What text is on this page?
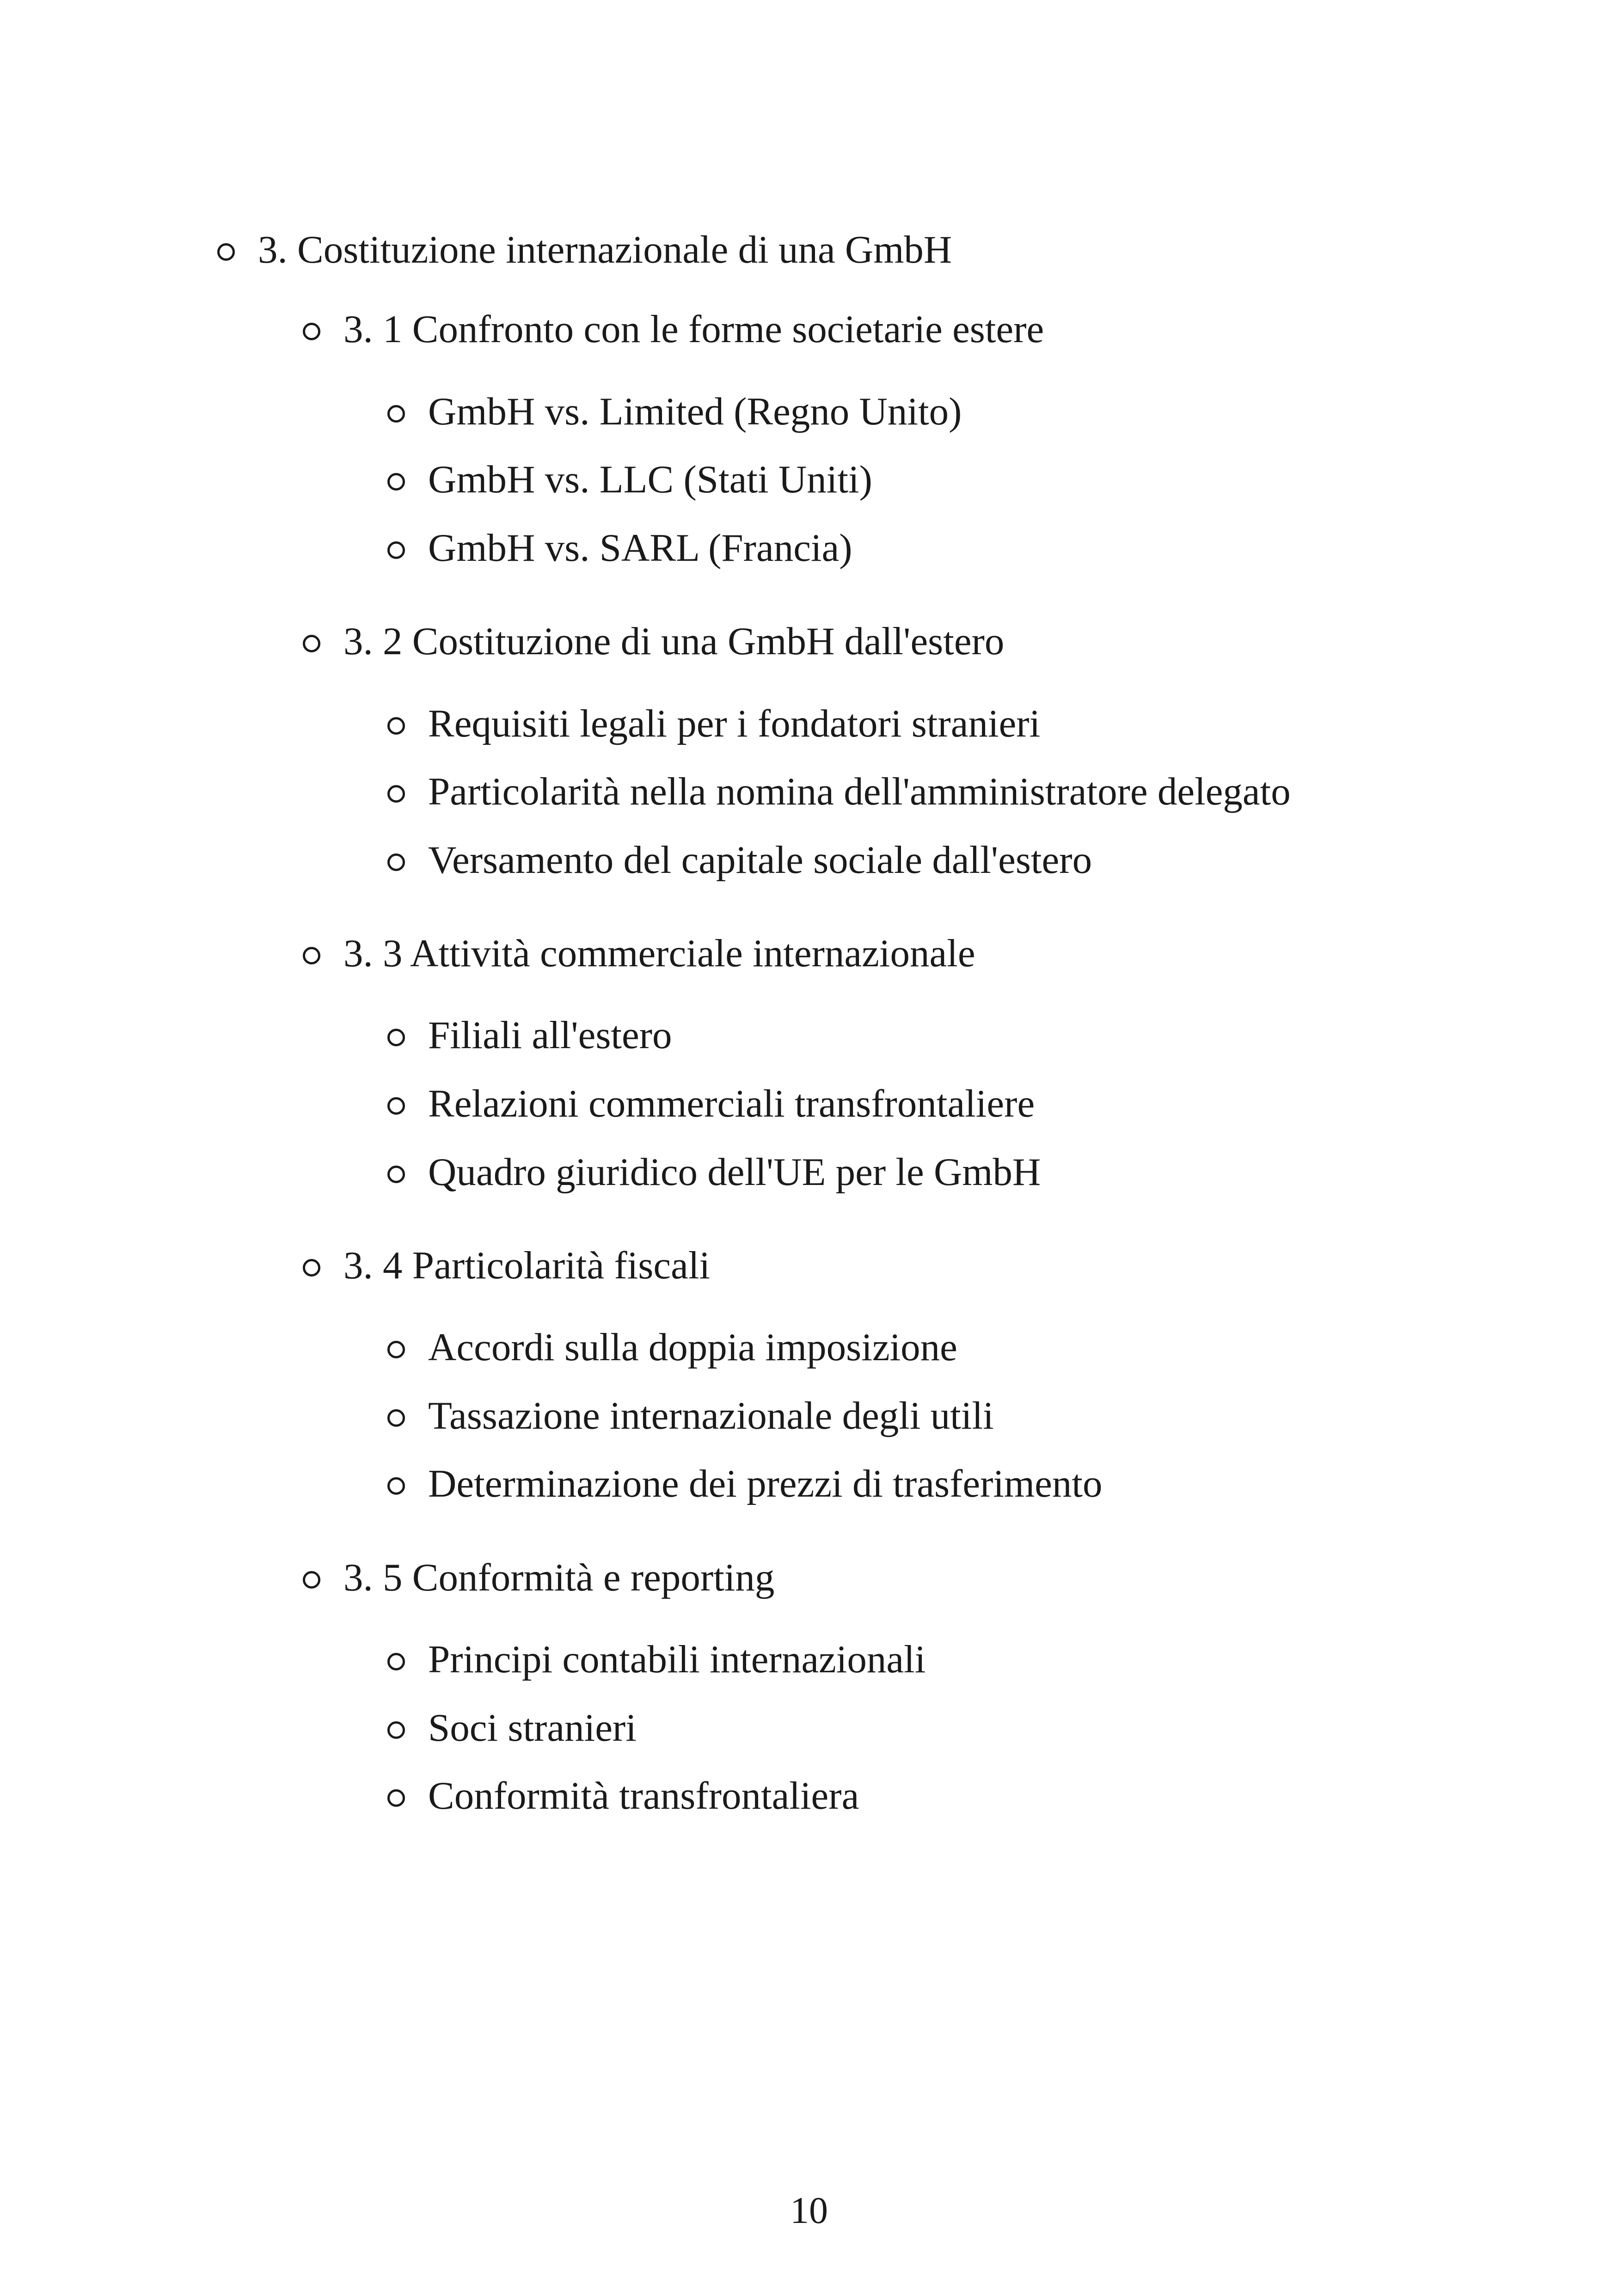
3. Costituzione internazionale di una GmbH
3. 1 Confronto con le forme societarie estere
GmbH vs. Limited (Regno Unito)
GmbH vs. LLC (Stati Uniti)
GmbH vs. SARL (Francia)
3. 2 Costituzione di una GmbH dall'estero
Requisiti legali per i fondatori stranieri
Particolarità nella nomina dell'amministratore delegato
Versamento del capitale sociale dall'estero
3. 3 Attività commerciale internazionale
Filiali all'estero
Relazioni commerciali transfrontaliere
Quadro giuridico dell'UE per le GmbH
3. 4 Particolarità fiscali
Accordi sulla doppia imposizione
Tassazione internazionale degli utili
Determinazione dei prezzi di trasferimento
3. 5 Conformità e reporting
Principi contabili internazionali
Soci stranieri
Conformità transfrontaliera
10
